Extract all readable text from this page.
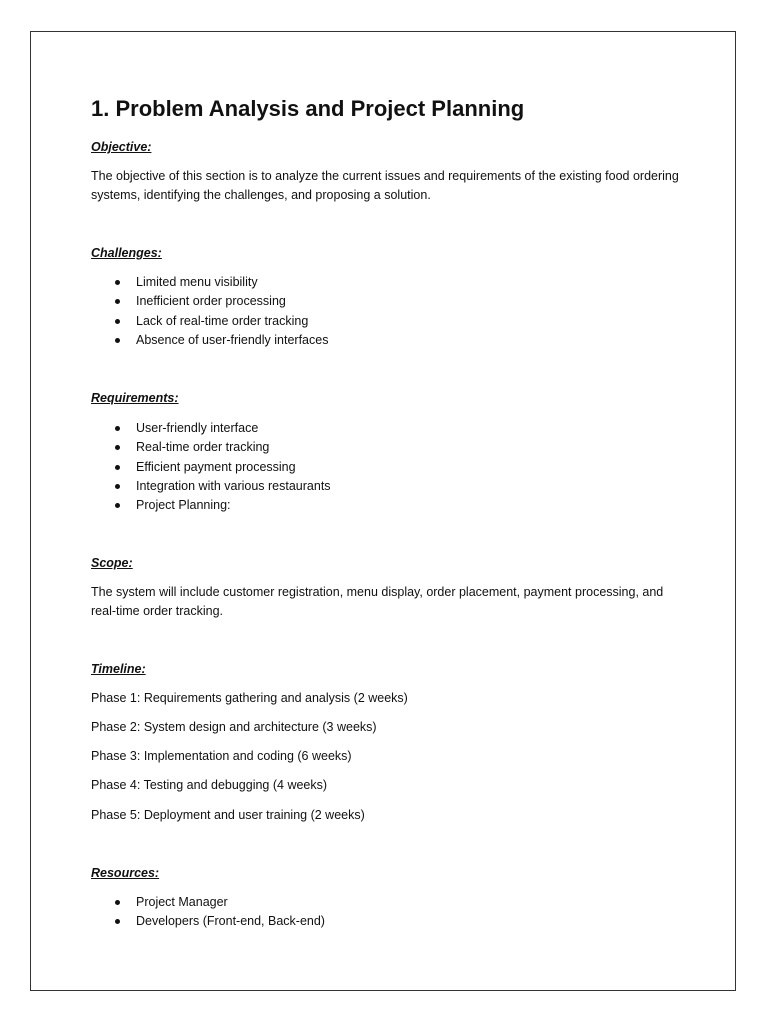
1. Problem Analysis and Project Planning

Objective:

The objective of this section is to analyze the current issues and requirements of the existing food ordering systems, identifying the challenges, and proposing a solution.

Challenges:

Limited menu visibility
Inefficient order processing
Lack of real-time order tracking
Absence of user-friendly interfaces

Requirements:

User-friendly interface
Real-time order tracking
Efficient payment processing
Integration with various restaurants
Project Planning:

Scope:

The system will include customer registration, menu display, order placement, payment processing, and real-time order tracking.

Timeline:

Phase 1: Requirements gathering and analysis (2 weeks)

Phase 2: System design and architecture (3 weeks)

Phase 3: Implementation and coding (6 weeks)

Phase 4: Testing and debugging (4 weeks)

Phase 5: Deployment and user training (2 weeks)

Resources:

Project Manager
Developers (Front-end, Back-end)
